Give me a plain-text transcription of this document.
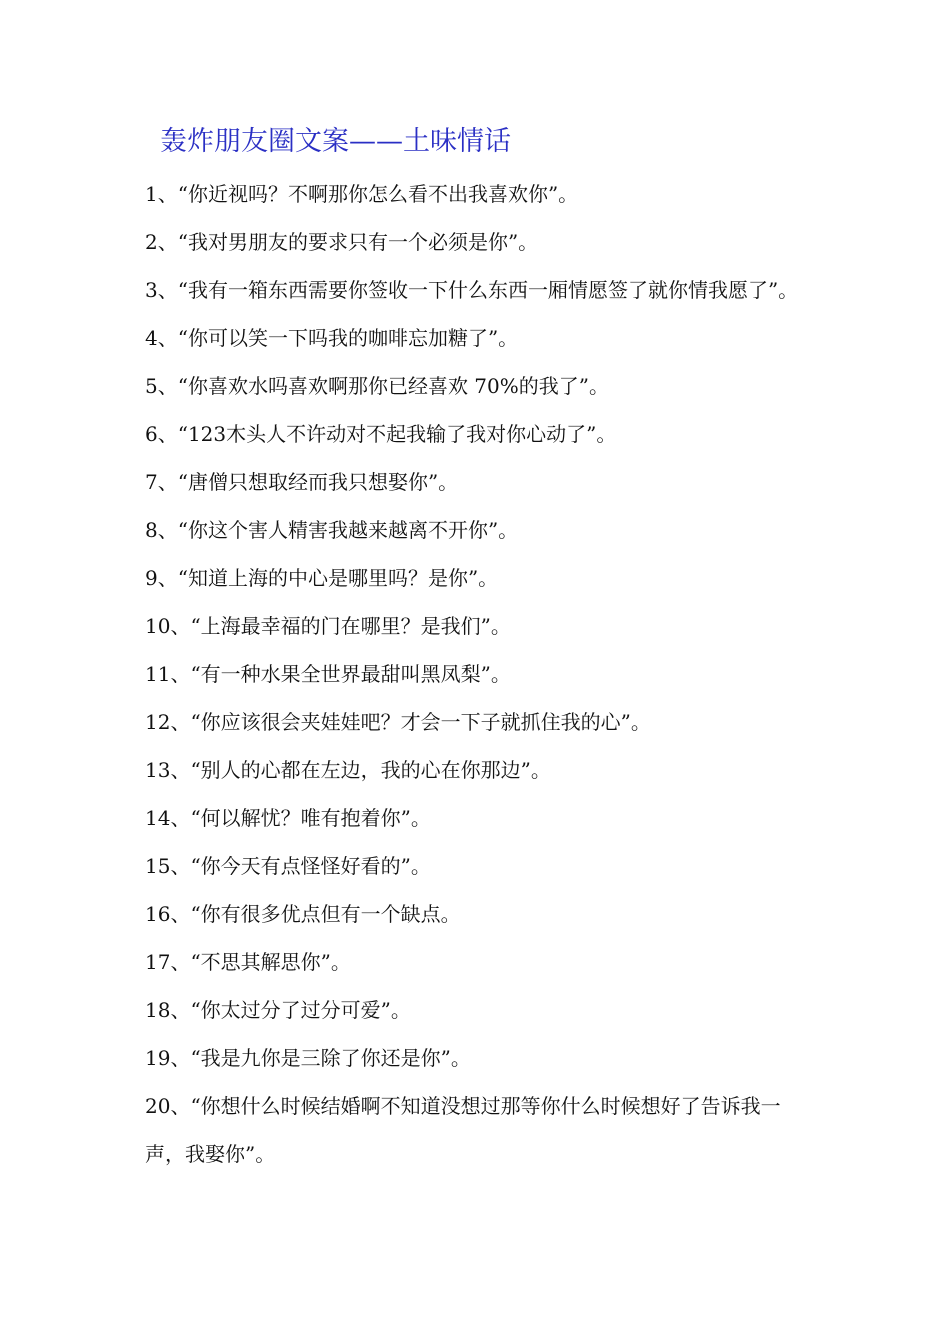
轰炸朋友圈文案——土味情话
1、“你近视吗？不啊那你怎么看不出我喜欢你”。
2、“我对男朋友的要求只有一个必须是你”。
3、“我有一箱东西需要你签收一下什么东西一厢情愿签了就你情我愿了”。
4、“你可以笑一下吗我的咖啡忘加糖了”。
5、“你喜欢水吗喜欢啊那你已经喜欢 70%的我了”。
6、“123木头人不许动对不起我输了我对你心动了”。
7、“唐僧只想取经而我只想娶你”。
8、“你这个害人精害我越来越离不开你”。
9、“知道上海的中心是哪里吗？是你”。
10、“上海最幸福的门在哪里？是我们”。
11、“有一种水果全世界最甜叫黑凤梨”。
12、“你应该很会夹娃娃吧？才会一下子就抓住我的心”。
13、“别人的心都在左边，我的心在你那边”。
14、“何以解忧？唯有抱着你”。
15、“你今天有点怪怪好看的”。
16、“你有很多优点但有一个缺点。
17、“不思其解思你”。
18、“你太过分了过分可爱”。
19、“我是九你是三除了你还是你”。
20、“你想什么时候结婚啊不知道没想过那等你什么时候想好了告诉我一声，我娶你”。
